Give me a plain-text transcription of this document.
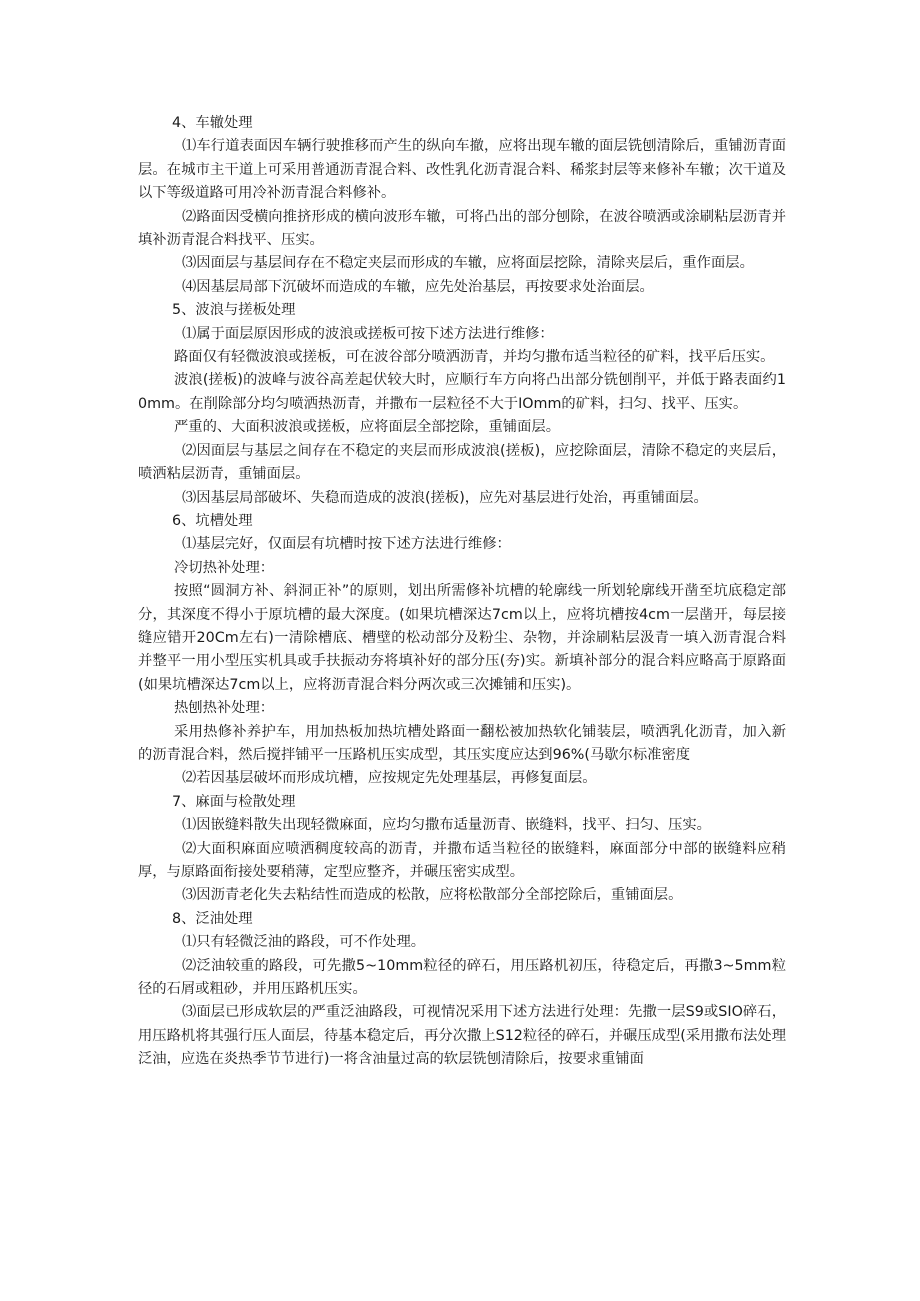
4、车辙处理

⑴车行道表面因车辆行驶推移而产生的纵向车撤，应将出现车辙的面层铣刨清除后，重铺沥青面层。在城市主干道上可采用普通沥青混合料、改性乳化沥青混合料、稀浆封层等来修补车辙；次干道及以下等级道路可用冷补沥青混合料修补。

⑵路面因受横向推挤形成的横向波形车辙，可将凸出的部分刨除，在波谷喷洒或涂刷粘层沥青并填补沥青混合料找平、压实。

⑶因面层与基层间存在不稳定夹层而形成的车辙，应将面层挖除，清除夹层后，重作面层。

⑷因基层局部下沉破坏而造成的车辙，应先处治基层，再按要求处治面层。

5、波浪与搓板处理

⑴属于面层原因形成的波浪或搓板可按下述方法进行维修：

路面仅有轻微波浪或搓板，可在波谷部分喷洒沥青，并均匀撒布适当粒径的矿料，找平后压实。

波浪(搓板)的波峰与波谷高差起伏较大时，应顺行车方向将凸出部分铣刨削平，并低于路表面约10mm。在削除部分均匀喷洒热沥青，并撒布一层粒径不大于IOmm的矿料，扫匀、找平、压实。

严重的、大面积波浪或搓板，应将面层全部挖除，重铺面层。

⑵因面层与基层之间存在不稳定的夹层而形成波浪(搓板)，应挖除面层，清除不稳定的夹层后，喷洒粘层沥青，重铺面层。

⑶因基层局部破坏、失稳而造成的波浪(搓板)，应先对基层进行处治，再重铺面层。

6、坑槽处理

⑴基层完好，仅面层有坑槽时按下述方法进行维修：

冷切热补处理：

按照“圆洞方补、斜洞正补”的原则，划出所需修补坑槽的轮廓线一所划轮廓线开凿至坑底稳定部分，其深度不得小于原坑槽的最大深度。(如果坑槽深达7cm以上，应将坑槽按4cm一层凿开，每层接缝应错开20Cm左右)一清除槽底、槽壁的松动部分及粉尘、杂物，并涂刷粘层汲青一填入沥青混合料并整平一用小型压实机具或手扶振动夯将填补好的部分压(夯)实。新填补部分的混合料应略高于原路面(如果坑槽深达7cm以上，应将沥青混合料分两次或三次摊铺和压实)。

热刨热补处理：

采用热修补养护车，用加热板加热坑槽处路面一翻松被加热软化铺装层，喷洒乳化沥青，加入新的沥青混合料，然后搅拌铺平一压路机压实成型，其压实度应达到96%(马歇尔标准密度

⑵若因基层破坏而形成坑槽，应按规定先处理基层，再修复面层。

7、麻面与检散处理

⑴因嵌缝料散失出现轻微麻面，应均匀撒布适量沥青、嵌缝料，找平、扫匀、压实。

⑵大面积麻面应喷洒稠度较高的沥青，并撒布适当粒径的嵌缝料，麻面部分中部的嵌缝料应稍厚，与原路面衔接处要稍薄，定型应整齐，并碾压密实成型。

⑶因沥青老化失去粘结性而造成的松散，应将松散部分全部挖除后，重铺面层。

8、泛油处理

⑴只有轻微泛油的路段，可不作处理。

⑵泛油较重的路段，可先撒5~10mm粒径的碎石，用压路机初压，待稳定后，再撒3~5mm粒径的石屑或粗砂，并用压路机压实。

⑶面层已形成软层的严重泛油路段，可视情况采用下述方法进行处理：先撒一层S9或SIO碎石，用压路机将其强行压人面层，待基本稳定后，再分次撒上S12粒径的碎石，并碾压成型(采用撒布法处理泛油，应选在炎热季节节进行)一将含油量过高的软层铣刨清除后，按要求重铺面
